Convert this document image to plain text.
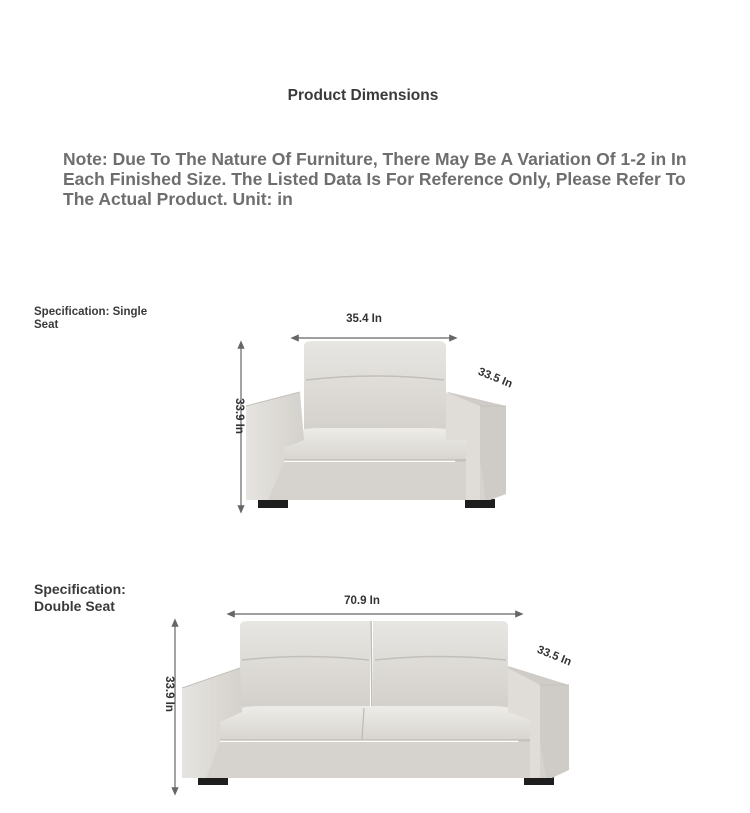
Product Dimensions
Note: Due To The Nature Of Furniture, There May Be A Variation Of 1-2 in In Each Finished Size. The Listed Data Is For Reference Only, Please Refer To The Actual Product. Unit: in
Specification: Single Seat
Specification: Double Seat
35.4 In
33.9 In
33.5 In
70.9 In
33.9 In
33.5 In
